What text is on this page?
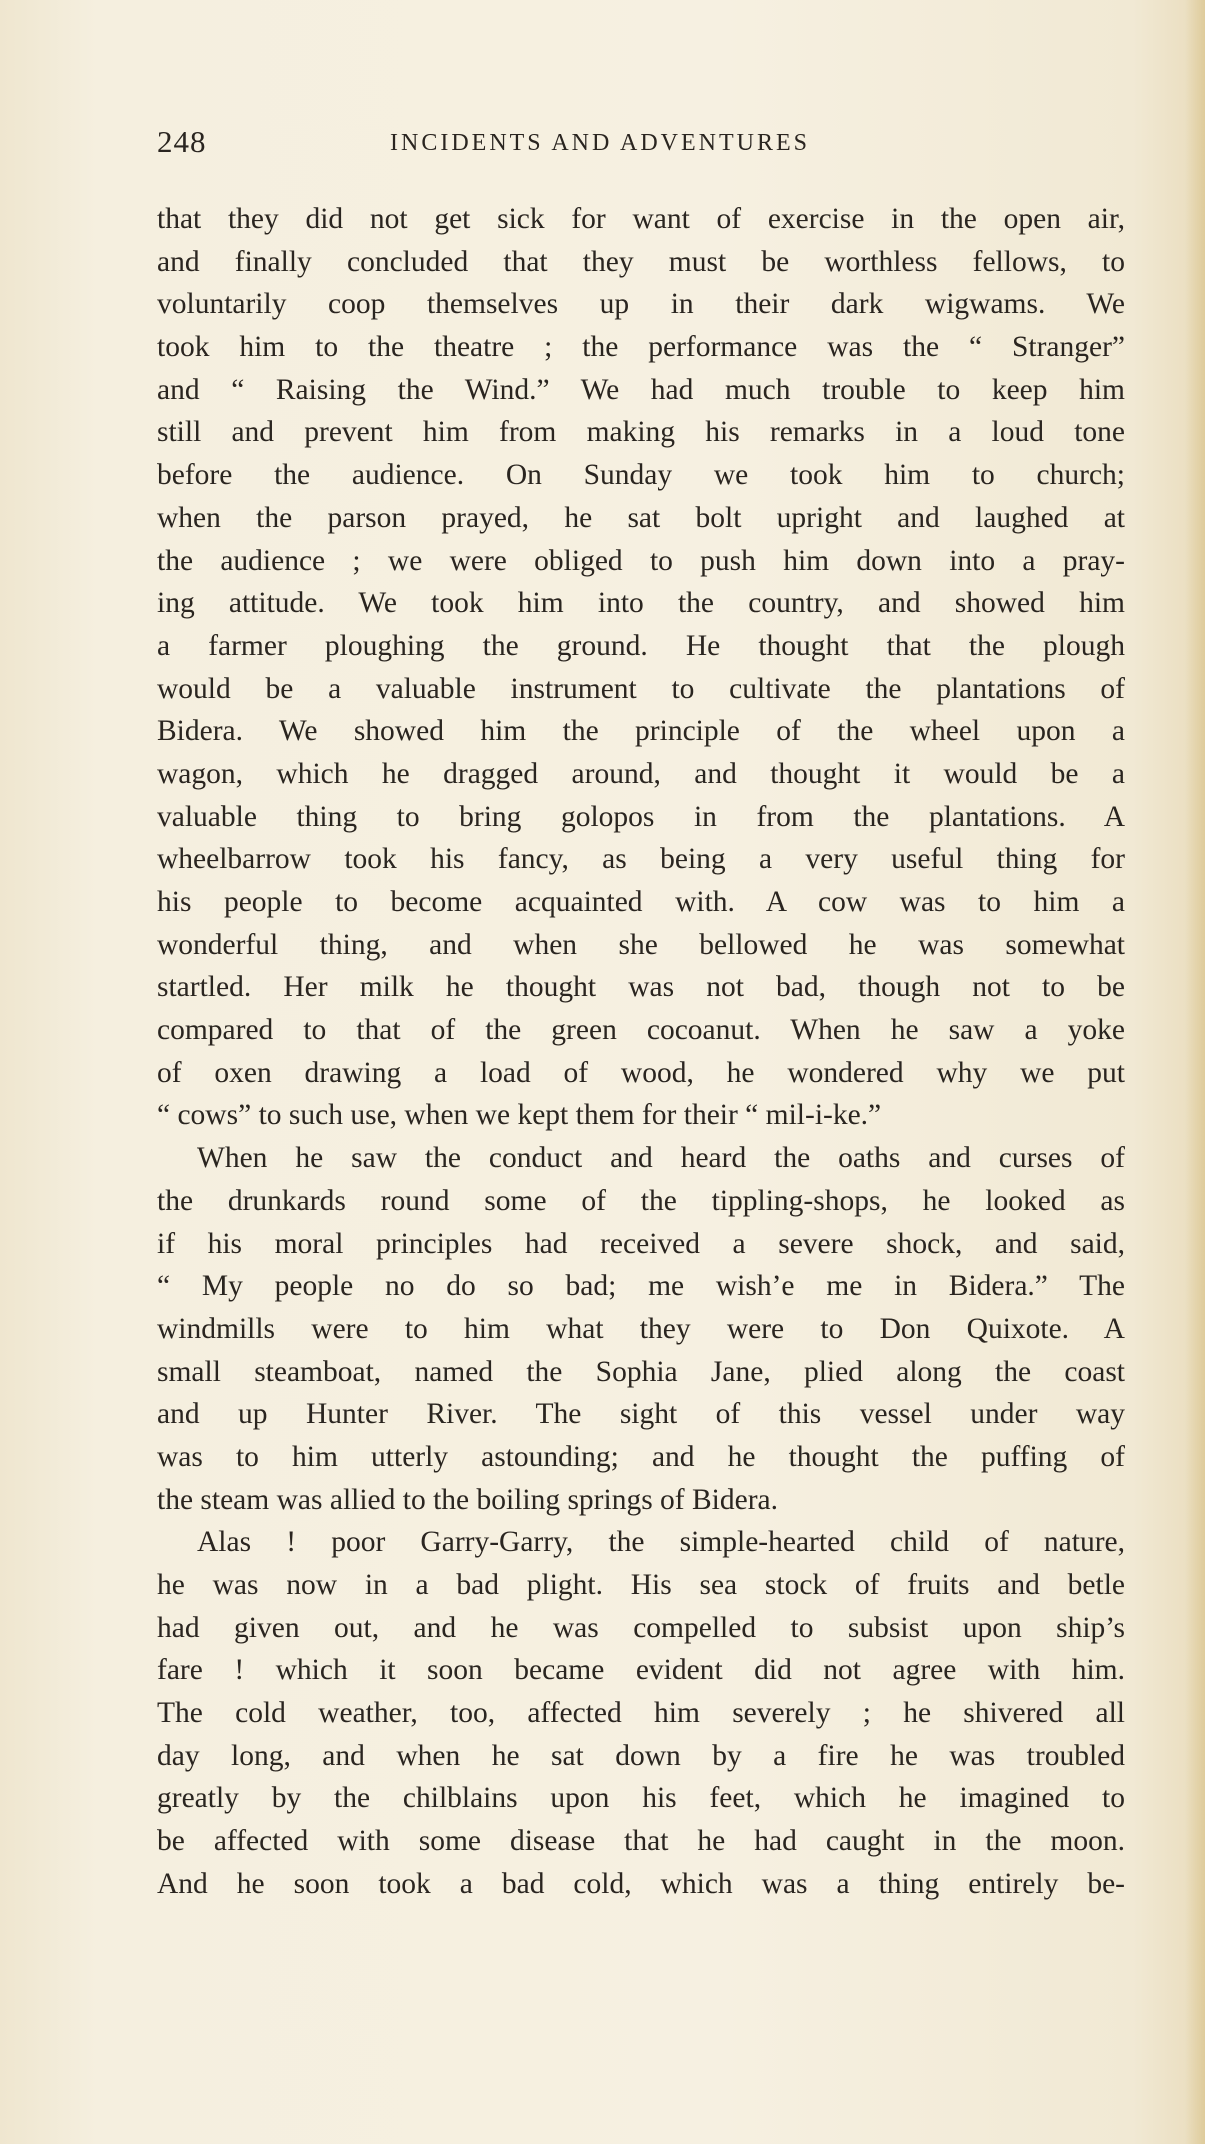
248	INCIDENTS AND ADVENTURES
that they did not get sick for want of exercise in the open air,
and finally concluded that they must be worthless fellows, to
voluntarily coop themselves up in their dark wigwams. We
took him to the theatre ; the performance was the “ Stranger”
and “ Raising the Wind.” We had much trouble to keep him
still and prevent him from making his remarks in a loud tone
before the audience. On Sunday we took him to church;
when the parson prayed, he sat bolt upright and laughed at
the audience ; we were obliged to push him down into a pray-
ing attitude. We took him into the country, and showed him
a farmer ploughing the ground. He thought that the plough
would be a valuable instrument to cultivate the plantations of
Bidera. We showed him the principle of the wheel upon a
wagon, which he dragged around, and thought it would be a
valuable thing to bring golopos in from the plantations. A
wheelbarrow took his fancy, as being a very useful thing for
his people to become acquainted with. A cow was to him a
wonderful thing, and when she bellowed he was somewhat
startled. Her milk he thought was not bad, though not to be
compared to that of the green cocoanut. When he saw a yoke
of oxen drawing a load of wood, he wondered why we put
“ cows” to such use, when we kept them for their “ mil-i-ke.”
When he saw the conduct and heard the oaths and curses of
the drunkards round some of the tippling-shops, he looked as
if his moral principles had received a severe shock, and said,
“ My people no do so bad; me wish’e me in Bidera.” The
windmills were to him what they were to Don Quixote. A
small steamboat, named the Sophia Jane, plied along the coast
and up Hunter River. The sight of this vessel under way
was to him utterly astounding; and he thought the puffing of
the steam was allied to the boiling springs of Bidera.
Alas ! poor Garry-Garry, the simple-hearted child of nature,
he was now in a bad plight. His sea stock of fruits and betle
had given out, and he was compelled to subsist upon ship’s
fare ! which it soon became evident did not agree with him.
The cold weather, too, affected him severely ; he shivered all
day long, and when he sat down by a fire he was troubled
greatly by the chilblains upon his feet, which he imagined to
be affected with some disease that he had caught in the moon.
And he soon took a bad cold, which was a thing entirely be-
